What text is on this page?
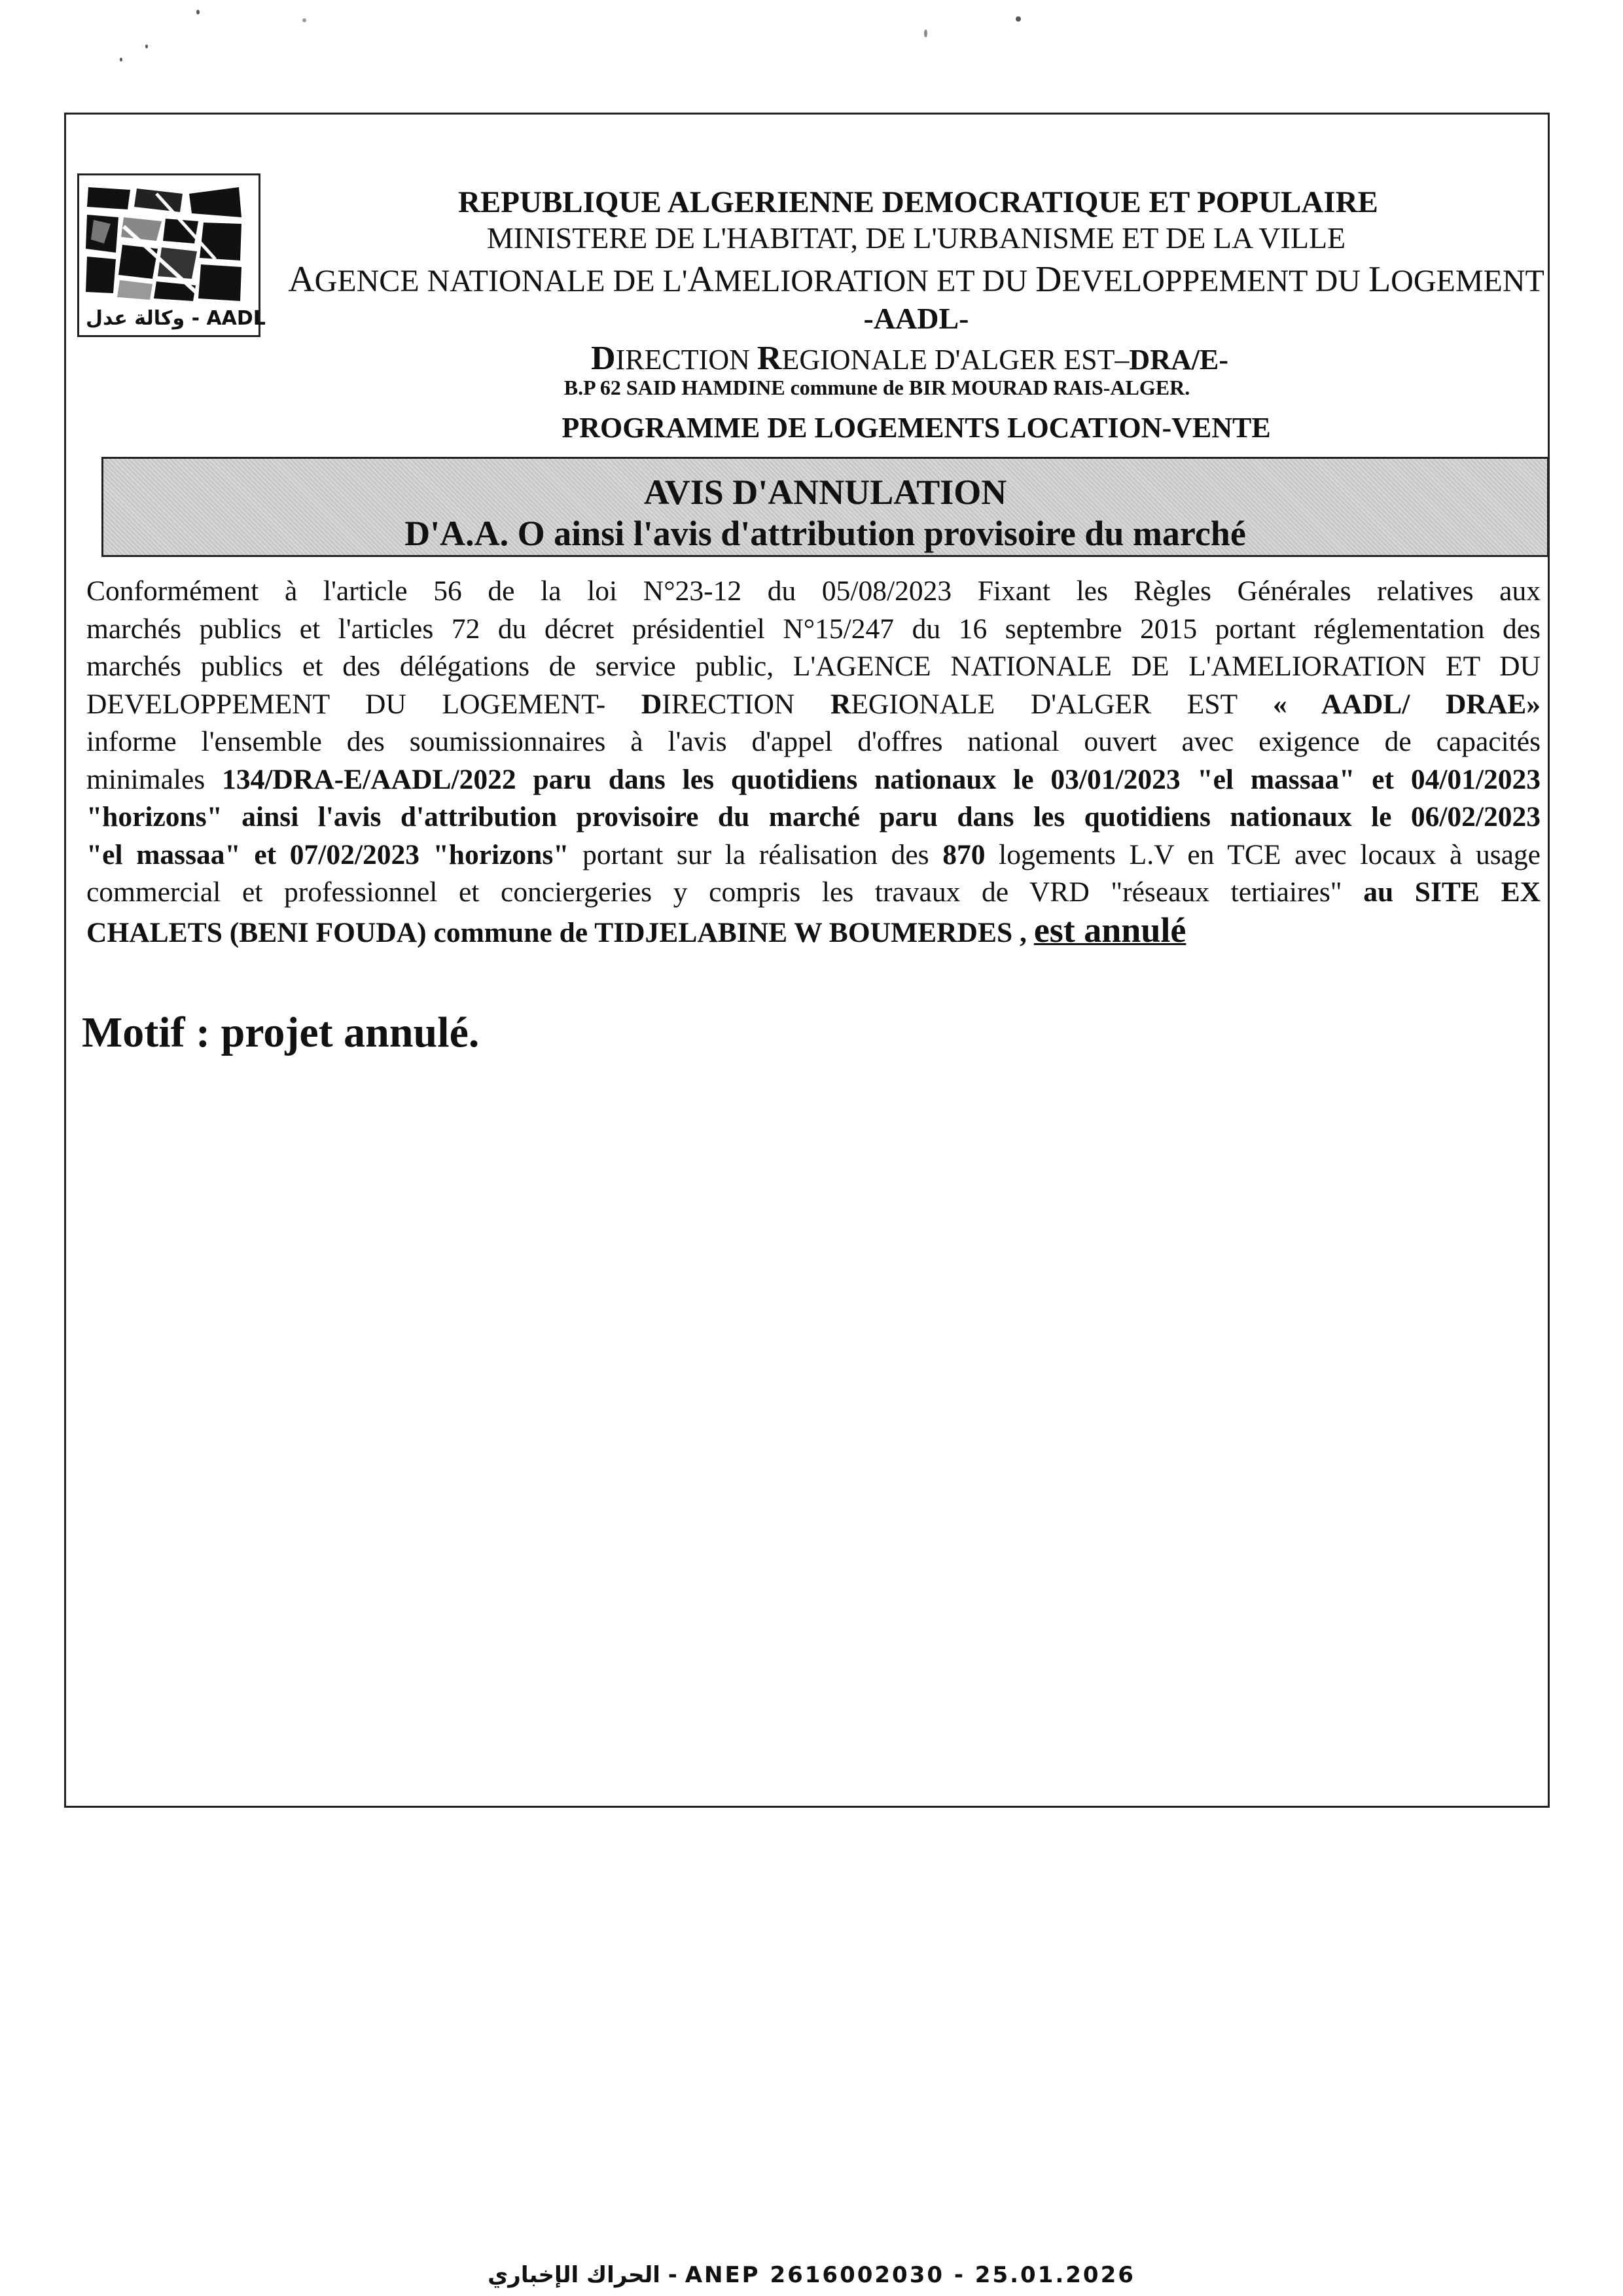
وكالة عدل - AADL
REPUBLIQUE ALGERIENNE DEMOCRATIQUE ET POPULAIRE
MINISTERE DE L'HABITAT, DE L'URBANISME ET DE LA VILLE
AGENCE NATIONALE DE L'AMELIORATION ET DU DEVELOPPEMENT DU LOGEMENT
-AADL-
DIRECTION REGIONALE D'ALGER EST–DRA/E-
B.P 62 SAID HAMDINE commune de BIR MOURAD RAIS-ALGER.
PROGRAMME DE LOGEMENTS LOCATION-VENTE
AVIS D'ANNULATION
D'A.A. O ainsi l'avis d'attribution provisoire du marché
Conformément à l'article 56 de la loi N°23-12 du 05/08/2023 Fixant les Règles Générales relatives aux
marchés publics et l'articles 72 du décret présidentiel N°15/247 du 16 septembre 2015 portant réglementation des
marchés publics et des délégations de service public, L'AGENCE NATIONALE DE L'AMELIORATION ET DU
DEVELOPPEMENT DU LOGEMENT- DIRECTION REGIONALE D'ALGER EST « AADL/ DRAE»
informe l'ensemble des soumissionnaires à l'avis d'appel d'offres national ouvert avec exigence de capacités
minimales 134/DRA-E/AADL/2022 paru dans les quotidiens nationaux le 03/01/2023 "el massaa" et 04/01/2023
"horizons" ainsi l'avis d'attribution provisoire du marché paru dans les quotidiens nationaux le 06/02/2023
"el massaa" et 07/02/2023 "horizons" portant sur la réalisation des 870 logements L.V en TCE avec locaux à usage
commercial et professionnel et conciergeries y compris les travaux de VRD "réseaux tertiaires" au SITE EX
CHALETS (BENI FOUDA) commune de TIDJELABINE W BOUMERDES , est annulé
Motif : projet annulé.
الحراك الإخباري - ANEP 2616002030 - 25.01.2026
